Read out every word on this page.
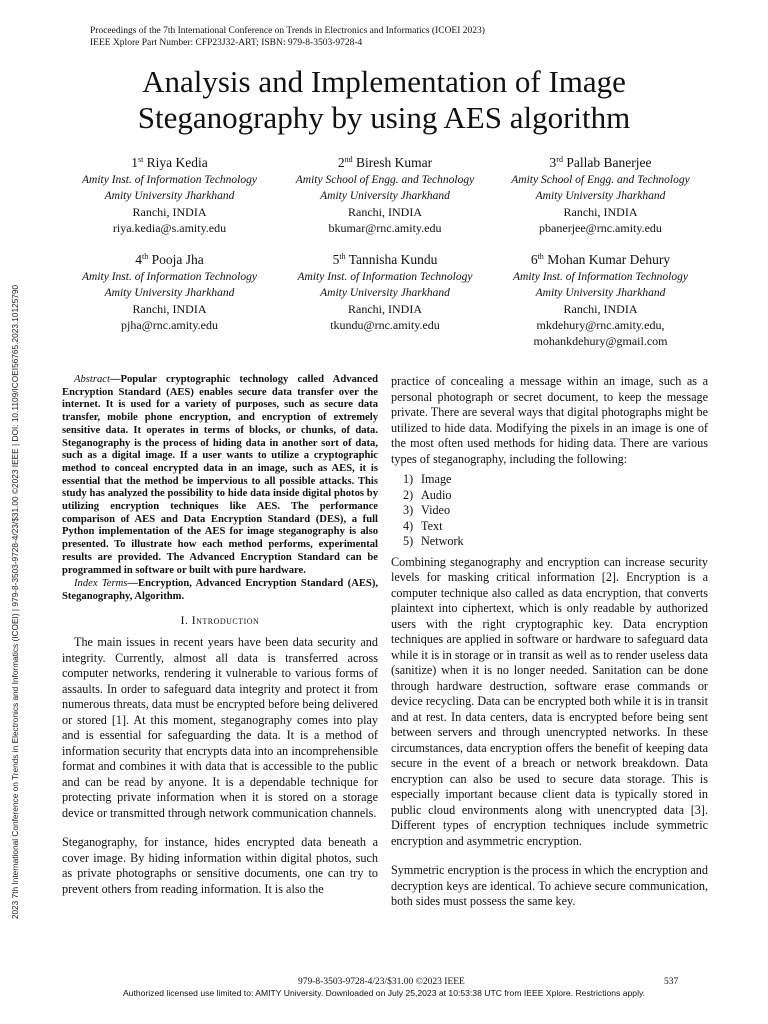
Proceedings of the 7th International Conference on Trends in Electronics and Informatics (ICOEI 2023)
IEEE Xplore Part Number: CFP23J32-ART; ISBN: 979-8-3503-9728-4
2023 7th International Conference on Trends in Electronics and Informatics (ICOEI) | 979-8-3503-9728-4/23/$31.00 ©2023 IEEE | DOI: 10.1109/ICOEI56765.2023.10125790
Analysis and Implementation of Image
Steganography by using AES algorithm
1st Riya Kedia
Amity Inst. of Information Technology
Amity University Jharkhand
Ranchi, INDIA
riya.kedia@s.amity.edu
2nd Biresh Kumar
Amity School of Engg. and Technology
Amity University Jharkhand
Ranchi, INDIA
bkumar@rnc.amity.edu
3rd Pallab Banerjee
Amity School of Engg. and Technology
Amity University Jharkhand
Ranchi, INDIA
pbanerjee@rnc.amity.edu
4th Pooja Jha
Amity Inst. of Information Technology
Amity University Jharkhand
Ranchi, INDIA
pjha@rnc.amity.edu
5th Tannisha Kundu
Amity Inst. of Information Technology
Amity University Jharkhand
Ranchi, INDIA
tkundu@rnc.amity.edu
6th Mohan Kumar Dehury
Amity Inst. of Information Technology
Amity University Jharkhand
Ranchi, INDIA
mkdehury@rnc.amity.edu,
mohankdehury@gmail.com

Abstract—Popular cryptographic technology called Advanced Encryption Standard (AES) enables secure data transfer over the internet. It is used for a variety of purposes, such as secure data transfer, mobile phone encryption, and encryption of extremely sensitive data. It operates in terms of blocks, or chunks, of data. Steganography is the process of hiding data in another sort of data, such as a digital image. If a user wants to utilize a cryptographic method to conceal encrypted data in an image, such as AES, it is essential that the method be impervious to all possible attacks. This study has analyzed the possibility to hide data inside digital photos by utilizing encryption techniques like AES. The performance comparison of AES and Data Encryption Standard (DES), a full Python implementation of the AES for image steganography is also presented. To illustrate how each method performs, experimental results are provided. The Advanced Encryption Standard can be programmed in software or built with pure hardware.

Index Terms—Encryption, Advanced Encryption Standard (AES), Steganography, Algorithm.

I. Introduction

The main issues in recent years have been data security and integrity. Currently, almost all data is transferred across computer networks, rendering it vulnerable to various forms of assaults. In order to safeguard data integrity and protect it from numerous threats, data must be encrypted before being delivered or stored [1]. At this moment, steganography comes into play and is essential for safeguarding the data. It is a method of information security that encrypts data into an incomprehensible format and combines it with data that is accessible to the public and can be read by anyone. It is a dependable technique for protecting private information when it is stored on a storage device or transmitted through network communication channels.

Steganography, for instance, hides encrypted data beneath a cover image. By hiding information within digital photos, such as private photographs or sensitive documents, one can try to prevent others from reading information. It is also the

practice of concealing a message within an image, such as a personal photograph or secret document, to keep the message private. There are several ways that digital photographs might be utilized to hide data. Modifying the pixels in an image is one of the most often used methods for hiding data. There are various types of steganography, including the following:

1) Image
2) Audio
3) Video
4) Text
5) Network

Combining steganography and encryption can increase security levels for masking critical information [2]. Encryption is a computer technique also called as data encryption, that converts plaintext into ciphertext, which is only readable by authorized users with the right cryptographic key. Data encryption techniques are applied in software or hardware to safeguard data while it is in storage or in transit as well as to render useless data (sanitize) when it is no longer needed. Sanitation can be done through hardware destruction, software erase commands or device recycling. Data can be encrypted both while it is in transit and at rest. In data centers, data is encrypted before being sent between servers and through unencrypted networks. In these circumstances, data encryption offers the benefit of keeping data secure in the event of a breach or network breakdown. Data encryption can also be used to secure data storage. This is especially important because client data is typically stored in public cloud environments along with unencrypted data [3]. Different types of encryption techniques include symmetric encryption and asymmetric encryption.

Symmetric encryption is the process in which the encryption and decryption keys are identical. To achieve secure communication, both sides must possess the same key.

979-8-3503-9728-4/23/$31.00 ©2023 IEEE	537
Authorized licensed use limited to: AMITY University. Downloaded on July 25,2023 at 10:53:38 UTC from IEEE Xplore. Restrictions apply.
